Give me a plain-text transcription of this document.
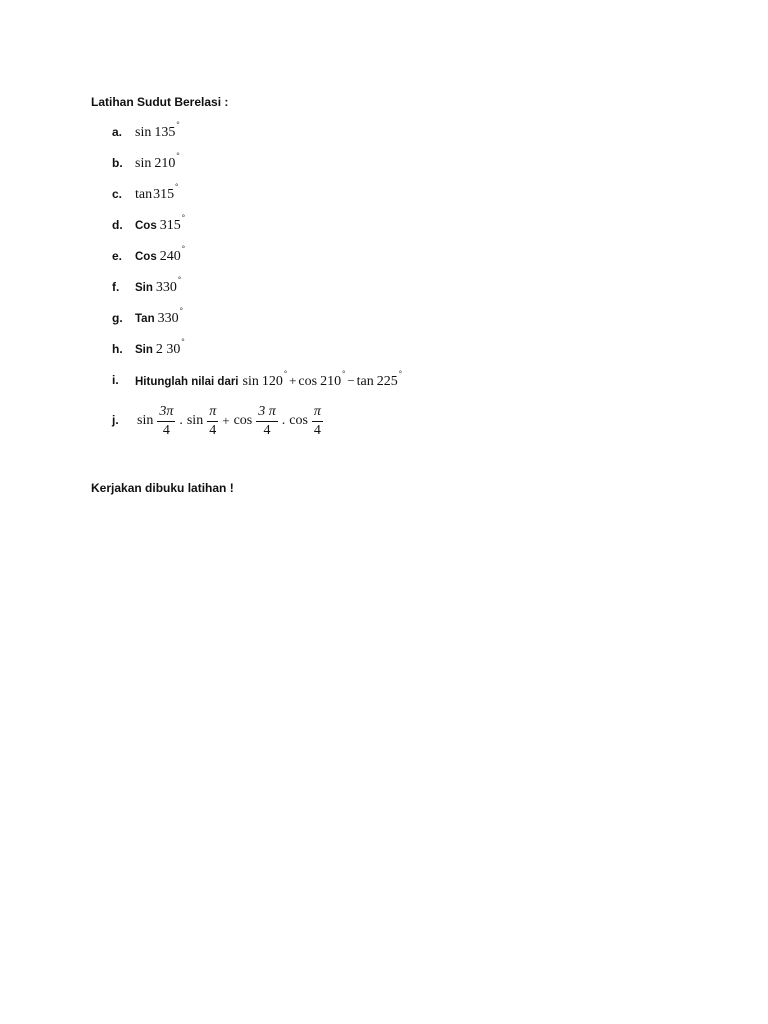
Latihan Sudut Berelasi :
a. sin 135
°
b. sin 210
°
c. tan 315
°
d. Cos 315
°
e. Cos 240
°
f. Sin 330
°
g. Tan 330
°
h. Sin 2 30
°
i. Hitunglah nilai dari sin 120
° + cos 210
° − tan 225
°
j. $\sin \frac{3\pi}{4}$ . $\sin \frac{\pi}{4} + \cos \frac{3 \pi}{4}$ . $\cos \frac{\pi}{4}$
Kerjakan dibuku latihan !
